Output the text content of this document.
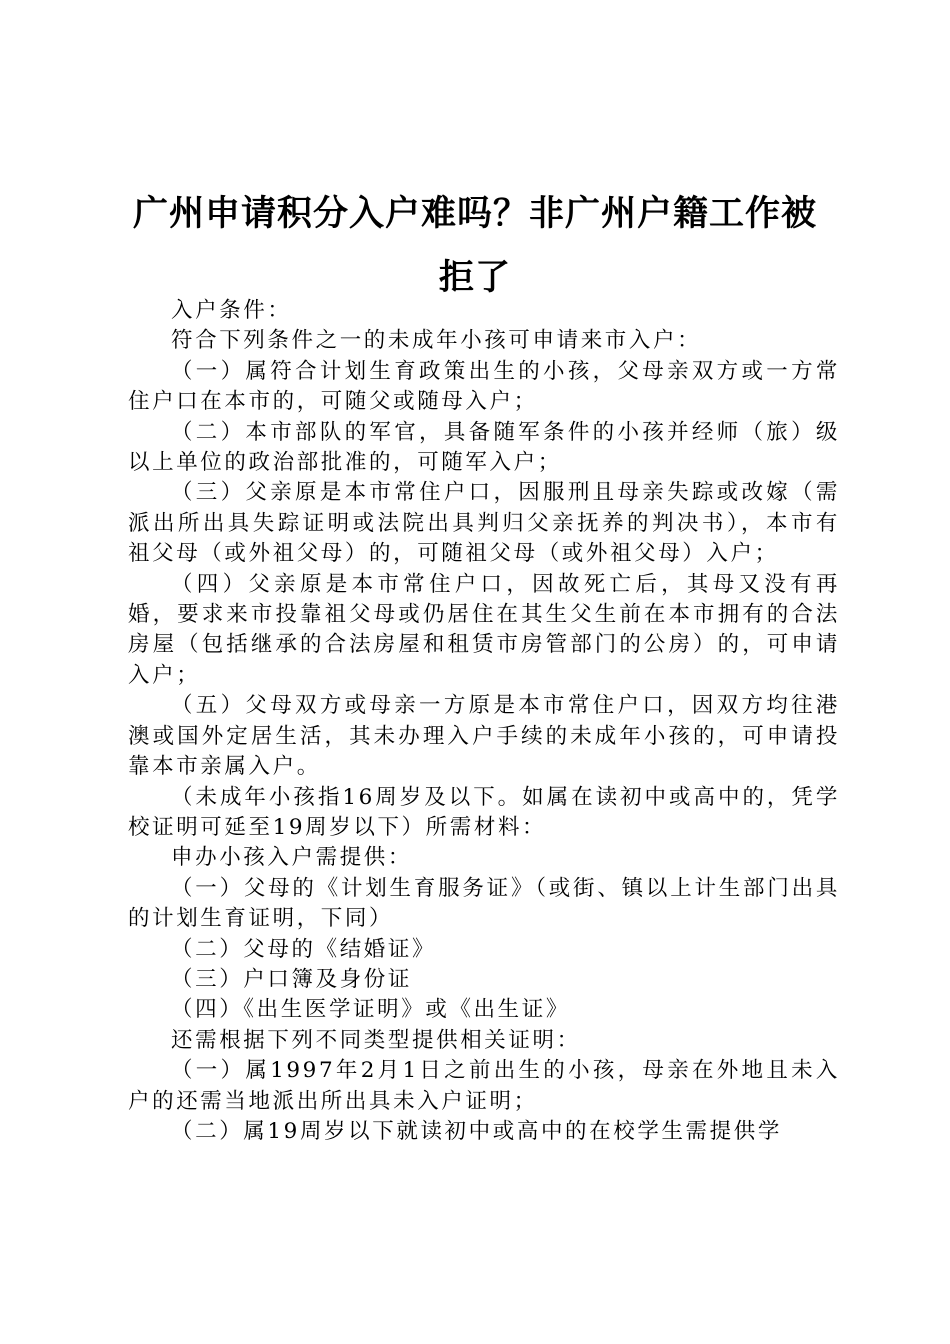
广州申请积分入户难吗？非广州户籍工作被拒了

入户条件：

符合下列条件之一的未成年小孩可申请来市入户：

（一）属符合计划生育政策出生的小孩，父母亲双方或一方常住户口在本市的，可随父或随母入户；

（二）本市部队的军官，具备随军条件的小孩并经师（旅）级以上单位的政治部批准的，可随军入户；

（三）父亲原是本市常住户口，因服刑且母亲失踪或改嫁（需派出所出具失踪证明或法院出具判归父亲抚养的判决书），本市有祖父母（或外祖父母）的，可随祖父母（或外祖父母）入户；

（四）父亲原是本市常住户口，因故死亡后，其母又没有再婚，要求来市投靠祖父母或仍居住在其生父生前在本市拥有的合法房屋（包括继承的合法房屋和租赁市房管部门的公房）的，可申请入户；

（五）父母双方或母亲一方原是本市常住户口，因双方均往港澳或国外定居生活，其未办理入户手续的未成年小孩的，可申请投靠本市亲属入户。

（未成年小孩指16周岁及以下。如属在读初中或高中的，凭学校证明可延至19周岁以下）所需材料：

申办小孩入户需提供：

（一）父母的《计划生育服务证》（或街、镇以上计生部门出具的计划生育证明，下同）

（二）父母的《结婚证》

（三）户口簿及身份证

（四）《出生医学证明》或《出生证》

还需根据下列不同类型提供相关证明：

（一）属1997年2月1日之前出生的小孩，母亲在外地且未入户的还需当地派出所出具未入户证明；

（二）属19周岁以下就读初中或高中的在校学生需提供学
